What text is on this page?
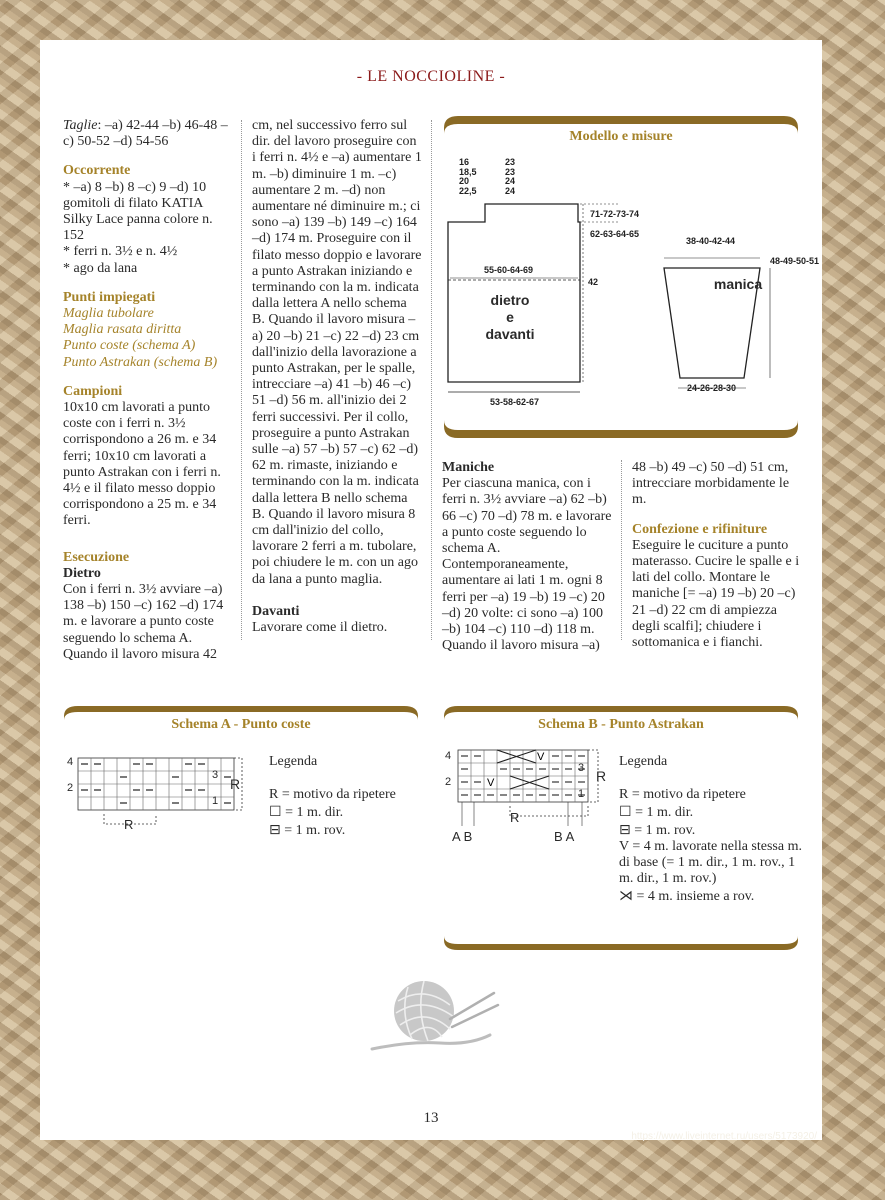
- LE NOCCIOLINE -

Taglie: –a) 42-44 –b) 46-48 –c) 50-52 –d) 54-56

Occorrente

* –a) 8 –b) 8 –c) 9 –d) 10 gomitoli di filato KATIA Silky Lace panna colore n. 152

* ferri n. 3½ e n. 4½

* ago da lana

Punti impiegati

Maglia tubolare

Maglia rasata diritta

Punto coste (schema A)

Punto Astrakan (schema B)

Campioni

10x10 cm lavorati a punto coste con i ferri n. 3½ corrispondono a 26 m. e 34 ferri; 10x10 cm lavorati a punto Astrakan con i ferri n. 4½ e il filato messo doppio corrispondono a 25 m. e 34 ferri.

Esecuzione

Dietro

Con i ferri n. 3½ avviare –a) 138 –b) 150 –c) 162 –d) 174 m. e lavorare a punto coste seguendo lo schema A. Quando il lavoro misura 42

cm, nel successivo ferro sul dir. del lavoro proseguire con i ferri n. 4½ e –a) aumentare 1 m. –b) diminuire 1 m. –c) aumentare 2 m. –d) non aumentare né diminuire m.; ci sono –a) 139 –b) 149 –c) 164 –d) 174 m. Proseguire con il filato messo doppio e lavorare a punto Astrakan iniziando e terminando con la m. indicata dalla lettera A nello schema B. Quando il lavoro misura –a) 20 –b) 21 –c) 22 –d) 23 cm dall'inizio della lavorazione a punto Astrakan, per le spalle, intrecciare –a) 41 –b) 46 –c) 51 –d) 56 m. all'inizio dei 2 ferri successivi. Per il collo, proseguire a punto Astrakan sulle –a) 57 –b) 57 –c) 62 –d) 62 m. rimaste, iniziando e terminando con la m. indicata dalla lettera B nello schema B. Quando il lavoro misura 8 cm dall'inizio del collo, lavorare 2 ferri a m. tubolare, poi chiudere le m. con un ago da lana a punto maglia.

Davanti

Lavorare come il dietro.

Modello e misure
16
18,5
20
22,5
23
23
24
24
71-72-73-74
62-63-64-65
55-60-64-69
42
53-58-62-67
38-40-42-44
48-49-50-51
24-26-28-30
dietro
e
davanti
manica

Maniche

Per ciascuna manica, con i ferri n. 3½ avviare –a) 62 –b) 66 –c) 70 –d) 78 m. e lavorare a punto coste seguendo lo schema A. Contemporaneamente, aumentare ai lati 1 m. ogni 8 ferri per –a) 19 –b) 19 –c) 20 –d) 20 volte: ci sono –a) 100 –b) 104 –c) 110 –d) 118 m. Quando il lavoro misura –a)

48 –b) 49 –c) 50 –d) 51 cm, intrecciare morbidamente le m.

Confezione e rifiniture

Eseguire le cuciture a punto materasso. Cucire le spalle e i lati del collo. Montare le maniche [= –a) 19 –b) 20 –c) 21 –d) 22 cm di ampiezza degli scalfi]; chiudere i sottomanica e i fianchi.

Schema A - Punto coste
4
2
3
1
R
R

Legenda

R = motivo da ripetere

☐ = 1 m. dir.

⊟ = 1 m. rov.

Schema B - Punto Astrakan
V
V
4
2
3
1
R
R
A B	B A

Legenda

R = motivo da ripetere

☐ = 1 m. dir.

⊟ = 1 m. rov.

V = 4 m. lavorate nella stessa m. di base (= 1 m. dir., 1 m. rov., 1 m. dir., 1 m. rov.)

⋊ = 4 m. insieme a rov.

13
https://www.liveinternet.ru/users/5173920/
